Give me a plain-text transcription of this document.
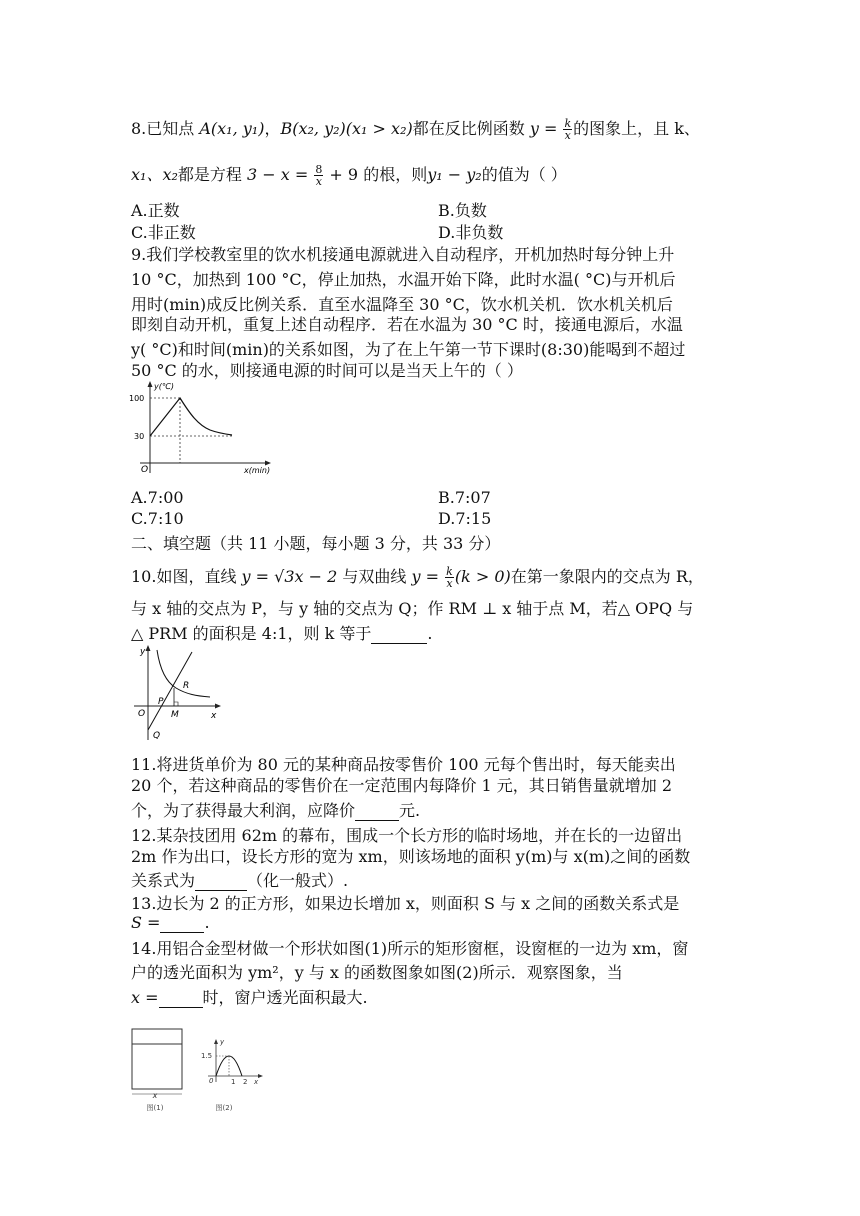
8.已知点 A(x₁, y₁)，B(x₂, y₂)(x₁ > x₂)都在反比例函数 $y = \frac{k}{x}$ 的图象上，且 k、
x₁、x₂都是方程 $3 - x = \frac{8}{x} + 9$ 的根，则y₁ − y₂的值为（ ）
A.正数	B.负数
C.非正数	D.非负数
9.我们学校教室里的饮水机接通电源就进入自动程序，开机加热时每分钟上升
10 °C，加热到 100 °C，停止加热，水温开始下降，此时水温( °C)与开机后
用时(min)成反比例关系．直至水温降至 30 °C，饮水机关机．饮水机关机后
即刻自动开机，重复上述自动程序．若在水温为 30 °C 时，接通电源后，水温
y( °C)和时间(min)的关系如图，为了在上午第一节下课时(8:30)能喝到不超过
50 °C 的水，则接通电源的时间可以是当天上午的（ ）
y(℃)
x(min)
O
100
30
A.7:00	B.7:07
C.7:10	D.7:15
二、填空题（共 11 小题，每小题 3 分，共 33 分）
10.如图，直线 y = √3x − 2 与双曲线 $y = \frac{k}{x} (k > 0)$在第一象限内的交点为 R，
与 x 轴的交点为 P，与 y 轴的交点为 Q；作 RM ⊥ x 轴于点 M，若△ OPQ 与
△ PRM 的面积是 4:1，则 k 等于	.
y
x
O
R
P
M
Q
11.将进货单价为 80 元的某种商品按零售价 100 元每个售出时，每天能卖出
20 个，若这种商品的零售价在一定范围内每降价 1 元，其日销售量就增加 2
个，为了获得最大利润，应降价	元.
12.某杂技团用 62m 的幕布，围成一个长方形的临时场地，并在长的一边留出
2m 作为出口，设长方形的宽为 xm，则该场地的面积 y(m)与 x(m)之间的函数
关系式为	（化一般式）.
13.边长为 2 的正方形，如果边长增加 x，则面积 S 与 x 之间的函数关系式是
S =	.
14.用铝合金型材做一个形状如图(1)所示的矩形窗框，设窗框的一边为 xm，窗
户的透光面积为 ym²，y 与 x 的函数图象如图(2)所示．观察图象，当
x =	时，窗户透光面积最大.
x
图(1)
y
1.5
0	1 2 x
图(2)
